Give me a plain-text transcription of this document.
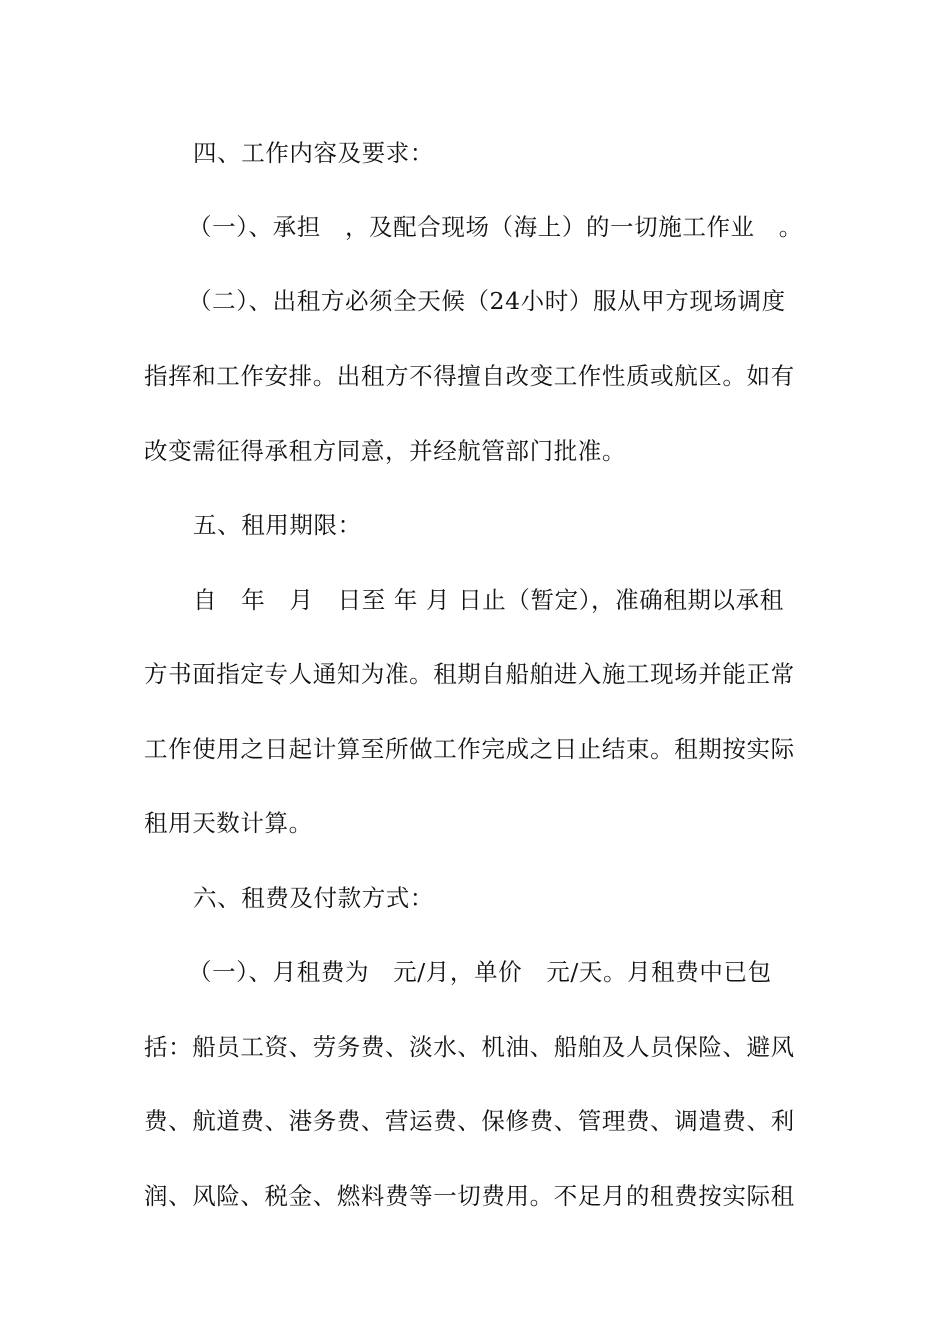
四、工作内容及要求：
（一）、承担　，及配合现场（海上）的一切施工作业　。
（二）、出租方必须全天候（24小时）服从甲方现场调度
指挥和工作安排。出租方不得擅自改变工作性质或航区。如有
改变需征得承租方同意，并经航管部门批准。
五、租用期限：
自　年　月　日至 年 月 日止（暂定），准确租期以承租
方书面指定专人通知为准。租期自船舶进入施工现场并能正常
工作使用之日起计算至所做工作完成之日止结束。租期按实际
租用天数计算。
六、租费及付款方式：
（一）、月租费为　元/月，单价　元/天。月租费中已包
括：船员工资、劳务费、淡水、机油、船舶及人员保险、避风
费、航道费、港务费、营运费、保修费、管理费、调遣费、利
润、风险、税金、燃料费等一切费用。不足月的租费按实际租
